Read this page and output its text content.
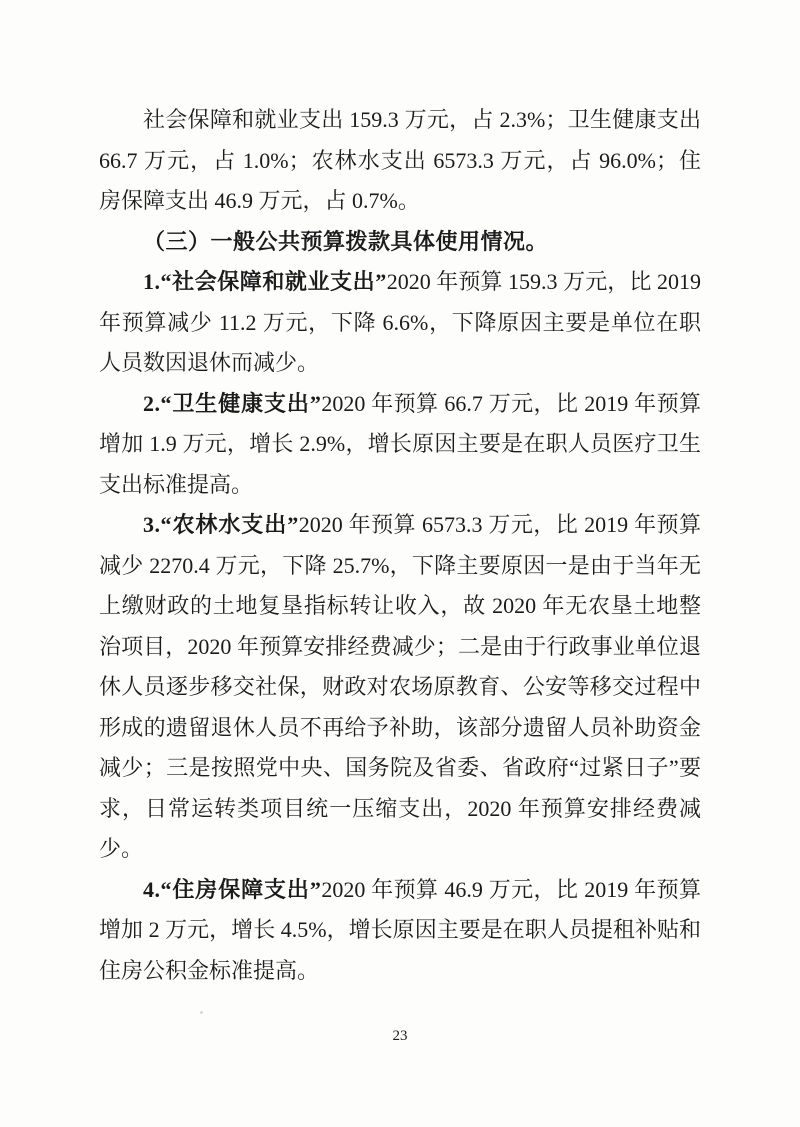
社会保障和就业支出 159.3 万元，占 2.3%；卫生健康支出 66.7 万元，占 1.0%；农林水支出 6573.3 万元，占 96.0%；住房保障支出 46.9 万元，占 0.7%。

（三）一般公共预算拨款具体使用情况。

1.“社会保障和就业支出”2020 年预算 159.3 万元，比 2019 年预算减少 11.2 万元，下降 6.6%，下降原因主要是单位在职人员数因退休而减少。

2.“卫生健康支出”2020 年预算 66.7 万元，比 2019 年预算增加 1.9 万元，增长 2.9%，增长原因主要是在职人员医疗卫生支出标准提高。

3.“农林水支出”2020 年预算 6573.3 万元，比 2019 年预算减少 2270.4 万元，下降 25.7%，下降主要原因一是由于当年无上缴财政的土地复垦指标转让收入，故 2020 年无农垦土地整治项目，2020 年预算安排经费减少；二是由于行政事业单位退休人员逐步移交社保，财政对农场原教育、公安等移交过程中形成的遗留退休人员不再给予补助，该部分遗留人员补助资金减少；三是按照党中央、国务院及省委、省政府“过紧日子”要求，日常运转类项目统一压缩支出，2020 年预算安排经费减少。

4.“住房保障支出”2020 年预算 46.9 万元，比 2019 年预算增加 2 万元，增长 4.5%，增长原因主要是在职人员提租补贴和住房公积金标准提高。

23
